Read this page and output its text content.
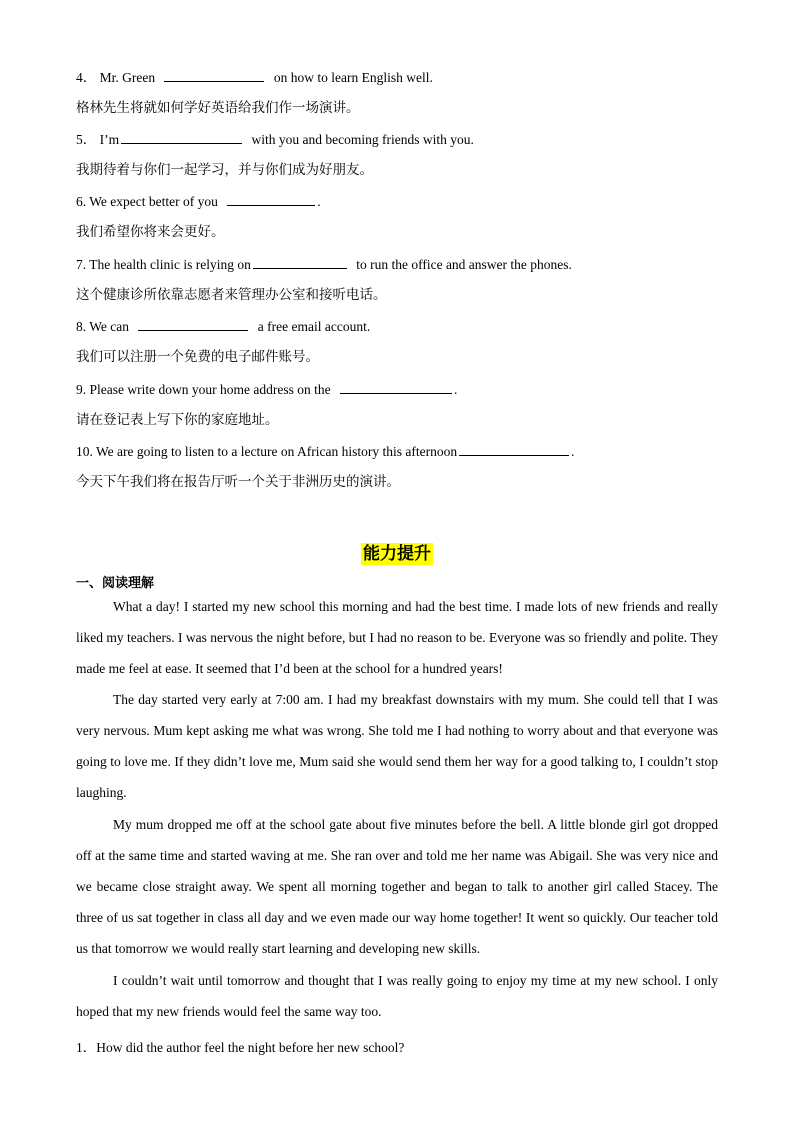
4． Mr. Green	on how to learn English well.
格林先生将就如何学好英语给我们作一场演讲。
5． I’m	with you and becoming friends with you.
我期待着与你们一起学习，并与你们成为好朋友。
6. We expect better of you	.
我们希望你将来会更好。
7. The health clinic is relying on	to run the office and answer the phones.
这个健康诊所依靠志愿者来管理办公室和接听电话。
8. We can	a free email account.
我们可以注册一个免费的电子邮件账号。
9. Please write down your home address on the	.
请在登记表上写下你的家庭地址。
10. We are going to listen to a lecture on African history this afternoon	.
今天下午我们将在报告厅听一个关于非洲历史的演讲。
能力提升
一、阅读理解
What a day! I started my new school this morning and had the best time. I made lots of new friends and really liked my teachers. I was nervous the night before, but I had no reason to be. Everyone was so friendly and polite. They made me feel at ease. It seemed that I’d been at the school for a hundred years!
The day started very early at 7:00 am. I had my breakfast downstairs with my mum. She could tell that I was very nervous. Mum kept asking me what was wrong. She told me I had nothing to worry about and that everyone was going to love me. If they didn’t love me, Mum said she would send them her way for a good talking to, I couldn’t stop laughing.
My mum dropped me off at the school gate about five minutes before the bell. A little blonde girl got dropped off at the same time and started waving at me. She ran over and told me her name was Abigail. She was very nice and we became close straight away. We spent all morning together and began to talk to another girl called Stacey. The three of us sat together in class all day and we even made our way home together! It went so quickly. Our teacher told us that tomorrow we would really start learning and developing new skills.
I couldn’t wait until tomorrow and thought that I was really going to enjoy my time at my new school. I only hoped that my new friends would feel the same way too.
1．How did the author feel the night before her new school?
